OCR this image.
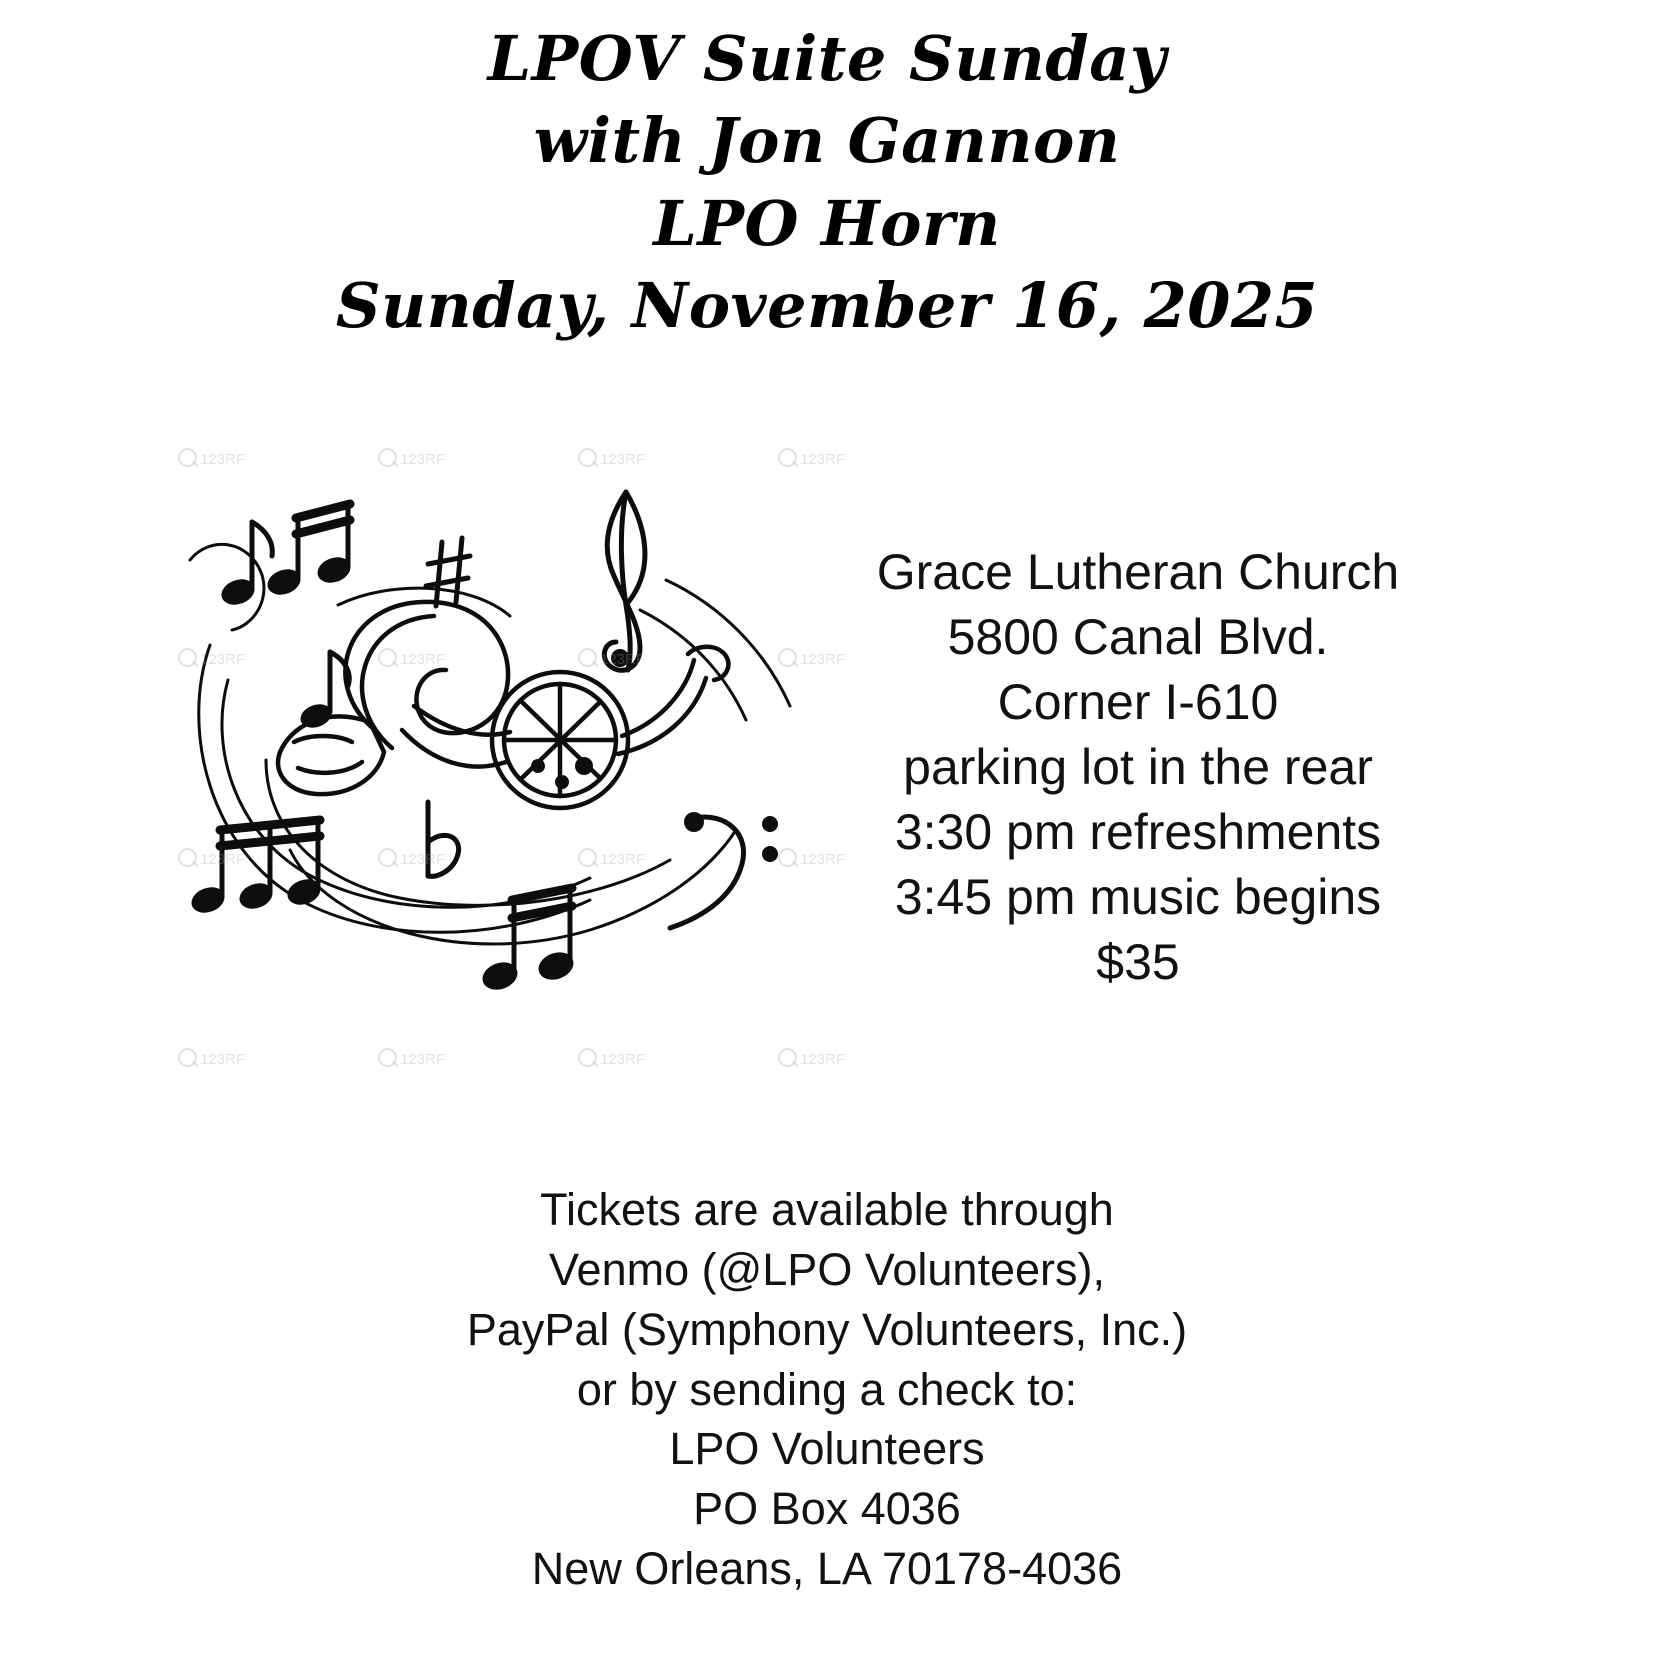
LPOV Suite Sunday
with Jon Gannon
LPO Horn
Sunday, November 16, 2025
123RF	123RF	123RF	123RF
123RF	123RF	123RF	123RF
123RF	123RF	123RF	123RF
123RF	123RF	123RF	123RF
Grace Lutheran Church
5800 Canal Blvd.
Corner I-610
parking lot in the rear
3:30 pm refreshments
3:45 pm music begins
$35
Tickets are available through
Venmo (@LPO Volunteers),
PayPal (Symphony Volunteers, Inc.)
or by sending a check to:
LPO Volunteers
PO Box 4036
New Orleans, LA 70178-4036
